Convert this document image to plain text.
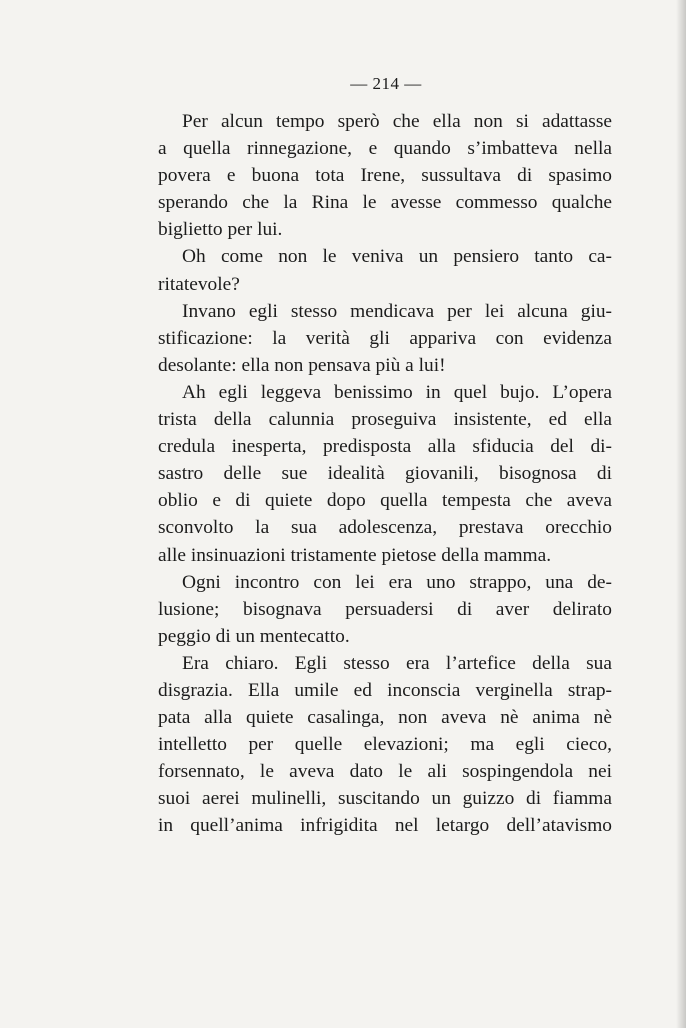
— 214 —
Per alcun tempo sperò che ella non si adattasse
a quella rinnegazione, e quando s’imbatteva nella
povera e buona tota Irene, sussultava di spasimo
sperando che la Rina le avesse commesso qualche
biglietto per lui.
Oh come non le veniva un pensiero tanto ca-
ritatevole?
Invano egli stesso mendicava per lei alcuna giu-
stificazione: la verità gli appariva con evidenza
desolante: ella non pensava più a lui!
Ah egli leggeva benissimo in quel bujo. L’opera
trista della calunnia proseguiva insistente, ed ella
credula inesperta, predisposta alla sfiducia del di-
sastro delle sue idealità giovanili, bisognosa di
oblio e di quiete dopo quella tempesta che aveva
sconvolto la sua adolescenza, prestava orecchio
alle insinuazioni tristamente pietose della mamma.
Ogni incontro con lei era uno strappo, una de-
lusione; bisognava persuadersi di aver delirato
peggio di un mentecatto.
Era chiaro. Egli stesso era l’artefice della sua
disgrazia. Ella umile ed inconscia verginella strap-
pata alla quiete casalinga, non aveva nè anima nè
intelletto per quelle elevazioni; ma egli cieco,
forsennato, le aveva dato le ali sospingendola nei
suoi aerei mulinelli, suscitando un guizzo di fiamma
in quell’anima infrigidita nel letargo dell’atavismo
